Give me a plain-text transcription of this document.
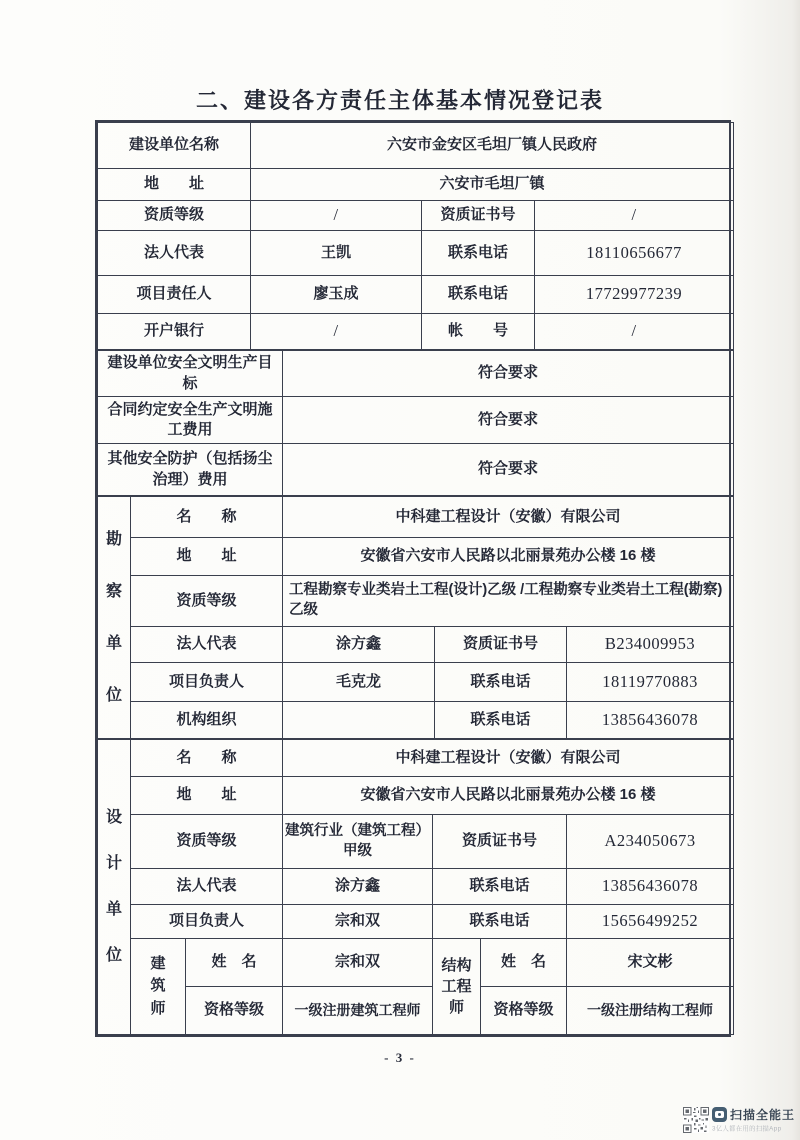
二、建设各方责任主体基本情况登记表
建设单位名称	六安市金安区毛坦厂镇人民政府		
地　　址	六安市毛坦厂镇		
资质等级	/	资质证书号	/
法人代表	王凯	联系电话	18110656677
项目责任人	廖玉成	联系电话	17729977239
开户银行	/	帐　　号	/
建设单位安全文明生产目标	符合要求
合同约定安全生产文明施工费用	符合要求
其他安全防护（包括扬尘治理）费用	符合要求
勘察单位	名　　称	中科建工程设计（安徽）有限公司		
	地　　址	安徽省六安市人民路以北丽景苑办公楼 16 楼		
	资质等级	工程勘察专业类岩土工程(设计)乙级 /工程勘察专业类岩土工程(勘察)乙级		
	法人代表	涂方鑫	资质证书号	B234009953
	项目负责人	毛克龙	联系电话	18119770883
	机构组织		联系电话	13856436078
设计单位	名　　称		中科建工程设计（安徽）有限公司			
	地　　址		安徽省六安市人民路以北丽景苑办公楼 16 楼			
	资质等级		建筑行业（建筑工程）甲级	资质证书号		A234050673
	法人代表		涂方鑫	联系电话		13856436078
	项目负责人		宗和双	联系电话		15656499252

	建筑师	姓　名	宗和双	结构工程师	姓　名	宋文彬
		资格等级	一级注册建筑工程师		资格等级	一级注册结构工程师
- 3 -
扫描全能王
3亿人都在用的扫描App
